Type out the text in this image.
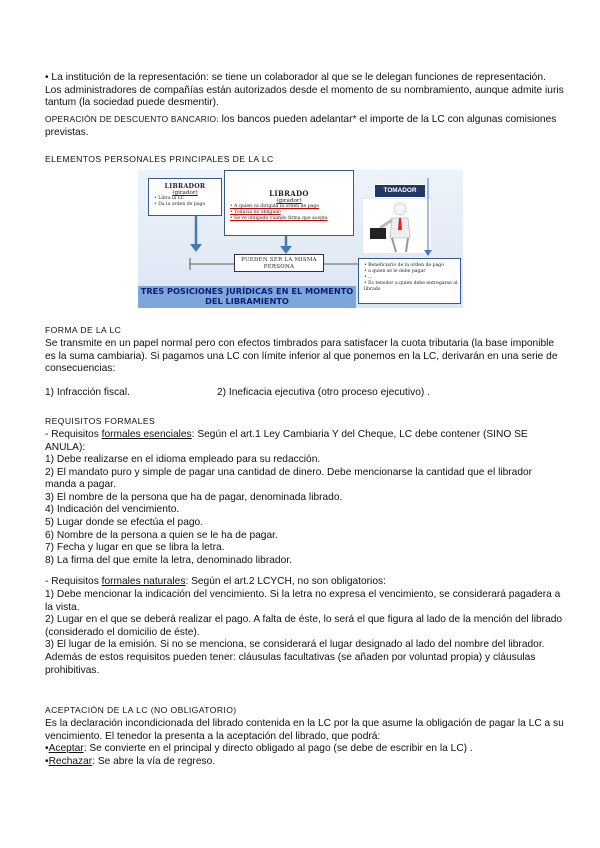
• La institución de la representación: se tiene un colaborador al que se le delegan funciones de representación. Los administradores de compañías están autorizados desde el momento de su nombramiento, aunque admite iuris tantum (la sociedad puede desmentir).

OPERACIÓN DE DESCUENTO BANCARIO: los bancos pueden adelantar* el importe de la LC con algunas comisiones previstas.

ELEMENTOS PERSONALES PRINCIPALES DE LA LC

LIBRADOR
(girador)
• Libra la LC
• Da la orden de pago
LIBRADO
(girador)
• A quien va dirigida la orden de pago
• Todavía no obligado
• Se ve obligado cuando firma que acepta
TOMADOR
PUEDEN SER LA MISMA PERSONA	• Beneficiario de la orden de pago
• a quien se le debe pagar
• ...
• Es tenedor a quien debe entregarse al librado
TRES POSICIONES JURÍDICAS EN EL MOMENTO
DEL LIBRAMIENTO

FORMA DE LA LC

Se transmite en un papel normal pero con efectos timbrados para satisfacer la cuota tributaria (la base imponible es la suma cambiaria). Si pagamos una LC con límite inferior al que ponemos en la LC, derivarán en una serie de consecuencias:

1) Infracción fiscal.	2) Ineficacia ejecutiva (otro proceso ejecutivo) .

REQUISITOS FORMALES

- Requisitos formales esenciales: Según el art.1 Ley Cambiaria Y del Cheque, LC debe contener (SINO SE ANULA):

1) Debe realizarse en el idioma empleado para su redacción.
2) El mandato puro y simple de pagar una cantidad de dinero. Debe mencionarse la cantidad que el librador manda a pagar.
3) El nombre de la persona que ha de pagar, denominada librado.
4) Indicación del vencimiento.
5) Lugar donde se efectúa el pago.
6) Nombre de la persona a quien se le ha de pagar.
7) Fecha y lugar en que se libra la letra.
8) La firma del que emite la letra, denominado librador.

- Requisitos formales naturales: Según el art.2 LCYCH, no son obligatorios:

1) Debe mencionar la indicación del vencimiento. Si la letra no expresa el vencimiento, se considerará pagadera a la vista.
2) Lugar en el que se deberá realizar el pago. A falta de éste, lo será el que figura al lado de la mención del librado (considerado el domicilio de éste).
3) El lugar de la emisión. Si no se menciona, se considerará el lugar designado al lado del nombre del librador.
Además de estos requisitos pueden tener: cláusulas facultativas (se añaden por voluntad propia) y cláusulas prohibitivas.

ACEPTACIÓN DE LA LC (NO OBLIGATORIO)

Es la declaración incondicionada del librado contenida en la LC por la que asume la obligación de pagar la LC a su vencimiento. El tenedor la presenta a la aceptación del librado, que podrá:

•Aceptar: Se convierte en el principal y directo obligado al pago (se debe de escribir en la LC) .

•Rechazar: Se abre la vía de regreso.
